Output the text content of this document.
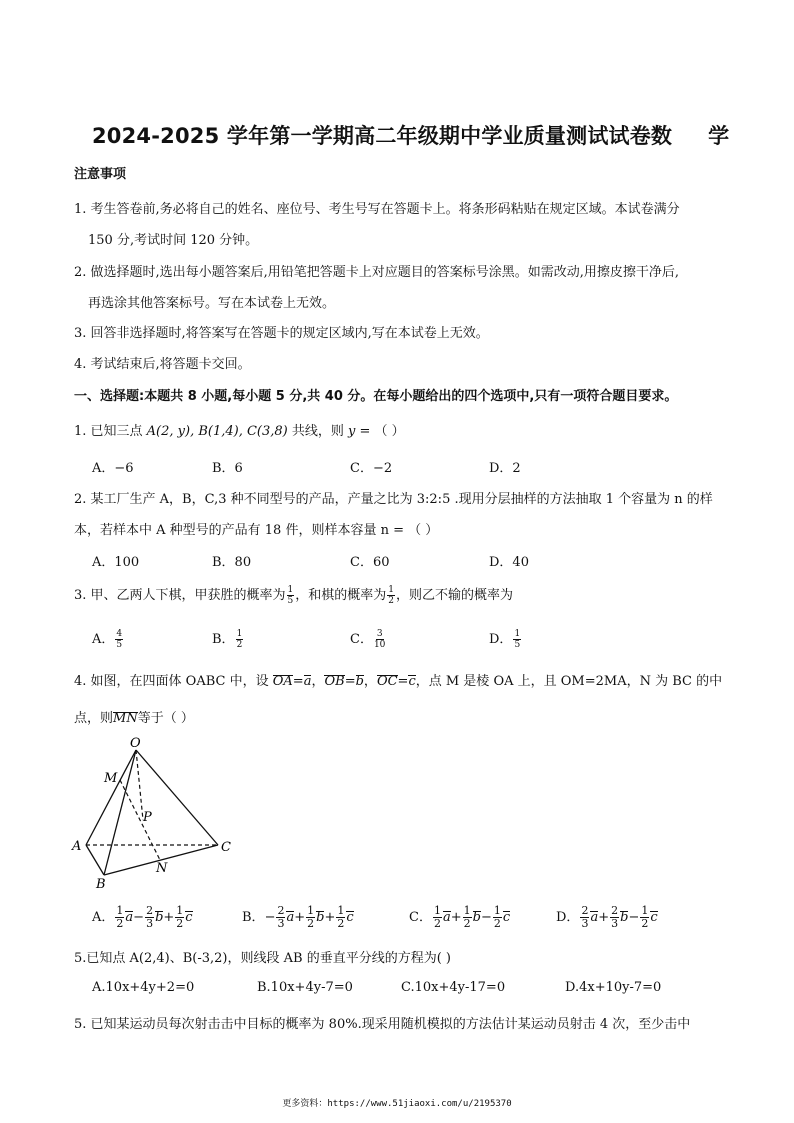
2024-2025 学年第一学期高二年级期中学业质量测试试卷数 学
注意事项
1. 考生答卷前,务必将自己的姓名、座位号、考生号写在答题卡上。将条形码粘贴在规定区域。本试卷满分
150 分,考试时间 120 分钟。
2. 做选择题时,选出每小题答案后,用铅笔把答题卡上对应题目的答案标号涂黑。如需改动,用擦皮擦干净后,
再选涂其他答案标号。写在本试卷上无效。
3. 回答非选择题时,将答案写在答题卡的规定区域内,写在本试卷上无效。
4. 考试结束后,将答题卡交回。
一、选择题:本题共 8 小题,每小题 5 分,共 40 分。在每小题给出的四个选项中,只有一项符合题目要求。
1. 已知三点 A(2, y), B(1,4), C(3,8) 共线，则 y = （ ）
A．−6	B．6	C．−2	D．2
2. 某工厂生产 A，B，C,3 种不同型号的产品，产量之比为 3:2:5 .现用分层抽样的方法抽取 1 个容量为 n 的样
本，若样本中 A 种型号的产品有 18 件，则样本容量 n = （ ）
A．100	B．80	C．60	D．40
3. 甲、乙两人下棋，甲获胜的概率为 $\frac{1}{5}$ ，和棋的概率为 $\frac{1}{2}$ ，则乙不输的概率为
A． $\frac{4}{5}$	B． $\frac{1}{2}$	C． $\frac{3}{10}$	D． $\frac{1}{5}$
4. 如图，在四面体 OABC 中，设 OA=a，OB=b，OC=c，点 M 是棱 OA 上，且 OM=2MA，N 为 BC 的中
点，则MN等于（ ）
O
M
P
A	C
N
B
A． $\frac{1}{2} a- \frac{2}{3} b+ \frac{1}{2}$ c	B．− $\frac{2}{3} a+ \frac{1}{2} b+ \frac{1}{2}$ c	C． $\frac{1}{2} a+ \frac{1}{2} b- \frac{1}{2}$ c	D． $\frac{2}{3} a+ \frac{2}{3} b- \frac{1}{2}$ c
5.已知点 A(2,4)、B(-3,2)，则线段 AB 的垂直平分线的方程为( )
A.10x+4y+2=0	B.10x+4y-7=0	C.10x+4y-17=0	D.4x+10y-7=0
5. 已知某运动员每次射击击中目标的概率为 80%.现采用随机模拟的方法估计某运动员射击 4 次，至少击中
更多资料：https://www.51jiaoxi.com/u/2195370
